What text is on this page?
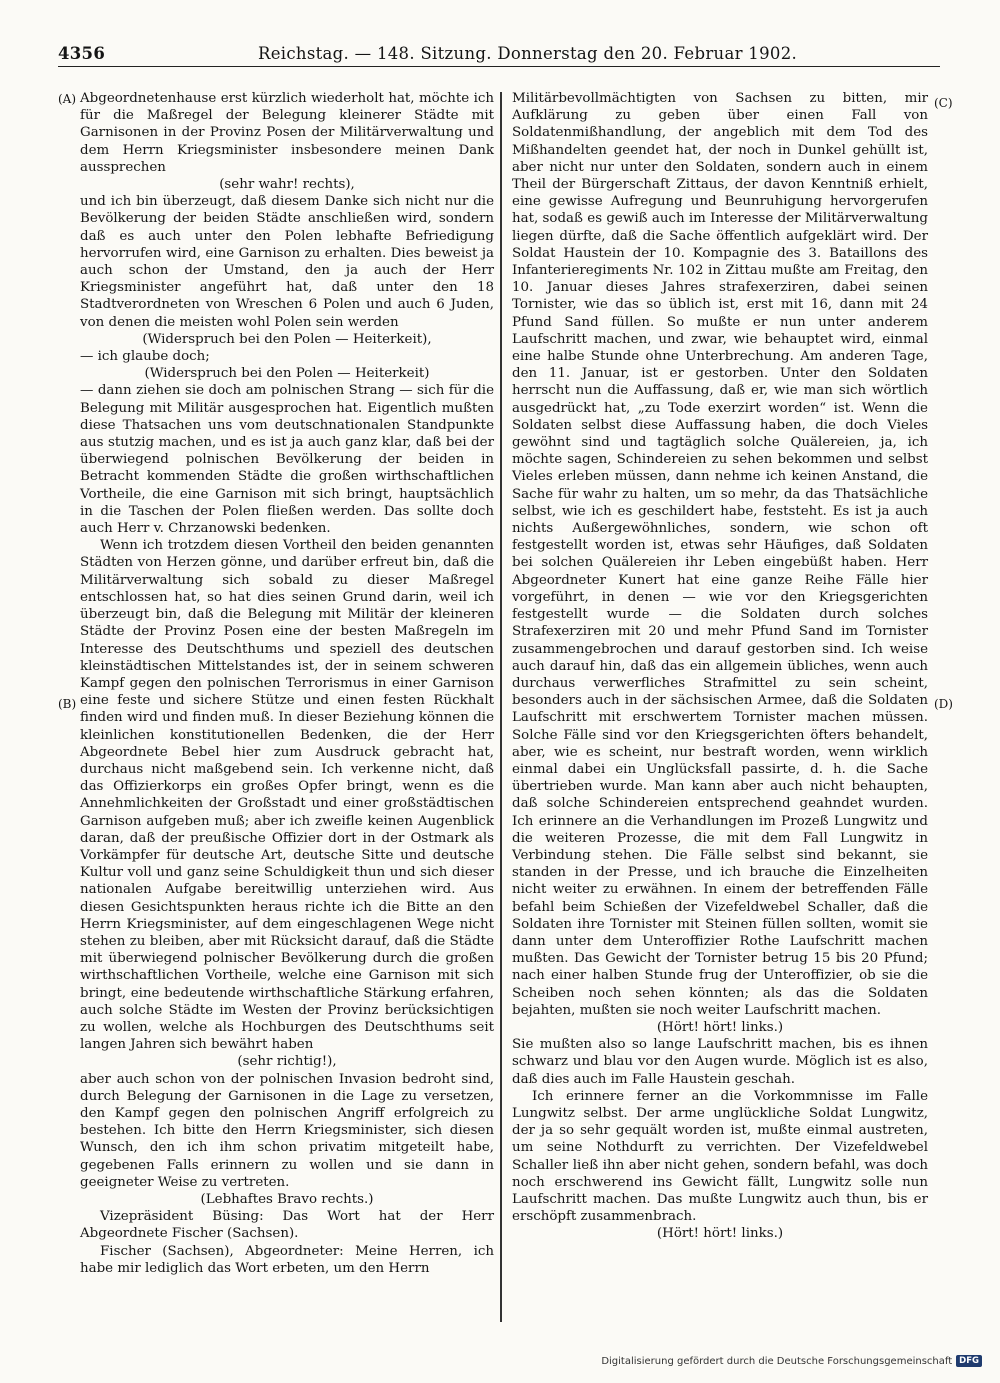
4356	Reichstag. — 148. Sitzung. Donnerstag den 20. Februar 1902.
(A)
(B)
(C)
(D)

Abgeordnetenhause erst kürzlich wiederholt hat, möchte ich für die Maßregel der Belegung kleinerer Städte mit Garnisonen in der Provinz Posen der Militärverwaltung und dem Herrn Kriegsminister insbesondere meinen Dank aussprechen

(sehr wahr! rechts),

und ich bin überzeugt, daß diesem Danke sich nicht nur die Bevölkerung der beiden Städte anschließen wird, sondern daß es auch unter den Polen lebhafte Befriedigung hervorrufen wird, eine Garnison zu erhalten. Dies beweist ja auch schon der Umstand, den ja auch der Herr Kriegsminister angeführt hat, daß unter den 18 Stadtverordneten von Wreschen 6 Polen und auch 6 Juden, von denen die meisten wohl Polen sein werden

(Widerspruch bei den Polen — Heiterkeit),

— ich glaube doch;

(Widerspruch bei den Polen — Heiterkeit)

— dann ziehen sie doch am polnischen Strang — sich für die Belegung mit Militär ausgesprochen hat. Eigentlich mußten diese Thatsachen uns vom deutschnationalen Standpunkte aus stutzig machen, und es ist ja auch ganz klar, daß bei der überwiegend polnischen Bevölkerung der beiden in Betracht kommenden Städte die großen wirthschaftlichen Vortheile, die eine Garnison mit sich bringt, hauptsächlich in die Taschen der Polen fließen werden. Das sollte doch auch Herr v. Chrzanowski bedenken.

Wenn ich trotzdem diesen Vortheil den beiden genannten Städten von Herzen gönne, und darüber erfreut bin, daß die Militärverwaltung sich sobald zu dieser Maßregel entschlossen hat, so hat dies seinen Grund darin, weil ich überzeugt bin, daß die Belegung mit Militär der kleineren Städte der Provinz Posen eine der besten Maßregeln im Interesse des Deutschthums und speziell des deutschen kleinstädtischen Mittelstandes ist, der in seinem schweren Kampf gegen den polnischen Terrorismus in einer Garnison eine feste und sichere Stütze und einen festen Rückhalt finden wird und finden muß. In dieser Beziehung können die kleinlichen konstitutionellen Bedenken, die der Herr Abgeordnete Bebel hier zum Ausdruck gebracht hat, durchaus nicht maßgebend sein. Ich verkenne nicht, daß das Offizierkorps ein großes Opfer bringt, wenn es die Annehmlichkeiten der Großstadt und einer großstädtischen Garnison aufgeben muß; aber ich zweifle keinen Augenblick daran, daß der preußische Offizier dort in der Ostmark als Vorkämpfer für deutsche Art, deutsche Sitte und deutsche Kultur voll und ganz seine Schuldigkeit thun und sich dieser nationalen Aufgabe bereitwillig unterziehen wird. Aus diesen Gesichtspunkten heraus richte ich die Bitte an den Herrn Kriegsminister, auf dem eingeschlagenen Wege nicht stehen zu bleiben, aber mit Rücksicht darauf, daß die Städte mit überwiegend polnischer Bevölkerung durch die großen wirthschaftlichen Vortheile, welche eine Garnison mit sich bringt, eine bedeutende wirthschaftliche Stärkung erfahren, auch solche Städte im Westen der Provinz berücksichtigen zu wollen, welche als Hochburgen des Deutschthums seit langen Jahren sich bewährt haben

(sehr richtig!),

aber auch schon von der polnischen Invasion bedroht sind, durch Belegung der Garnisonen in die Lage zu versetzen, den Kampf gegen den polnischen Angriff erfolgreich zu bestehen. Ich bitte den Herrn Kriegsminister, sich diesen Wunsch, den ich ihm schon privatim mitgeteilt habe, gegebenen Falls erinnern zu wollen und sie dann in geeigneter Weise zu vertreten.

(Lebhaftes Bravo rechts.)

Vizepräsident Büsing: Das Wort hat der Herr Abgeordnete Fischer (Sachsen).

Fischer (Sachsen), Abgeordneter: Meine Herren, ich habe mir lediglich das Wort erbeten, um den Herrn

Militärbevollmächtigten von Sachsen zu bitten, mir Aufklärung zu geben über einen Fall von Soldatenmißhandlung, der angeblich mit dem Tod des Mißhandelten geendet hat, der noch in Dunkel gehüllt ist, aber nicht nur unter den Soldaten, sondern auch in einem Theil der Bürgerschaft Zittaus, der davon Kenntniß erhielt, eine gewisse Aufregung und Beunruhigung hervorgerufen hat, sodaß es gewiß auch im Interesse der Militärverwaltung liegen dürfte, daß die Sache öffentlich aufgeklärt wird. Der Soldat Haustein der 10. Kompagnie des 3. Bataillons des Infanterieregiments Nr. 102 in Zittau mußte am Freitag, den 10. Januar dieses Jahres strafexerziren, dabei seinen Tornister, wie das so üblich ist, erst mit 16, dann mit 24 Pfund Sand füllen. So mußte er nun unter anderem Laufschritt machen, und zwar, wie behauptet wird, einmal eine halbe Stunde ohne Unterbrechung. Am anderen Tage, den 11. Januar, ist er gestorben. Unter den Soldaten herrscht nun die Auffassung, daß er, wie man sich wörtlich ausgedrückt hat, „zu Tode exerzirt worden“ ist. Wenn die Soldaten selbst diese Auffassung haben, die doch Vieles gewöhnt sind und tagtäglich solche Quälereien, ja, ich möchte sagen, Schindereien zu sehen bekommen und selbst Vieles erleben müssen, dann nehme ich keinen Anstand, die Sache für wahr zu halten, um so mehr, da das Thatsächliche selbst, wie ich es geschildert habe, feststeht. Es ist ja auch nichts Außergewöhnliches, sondern, wie schon oft festgestellt worden ist, etwas sehr Häufiges, daß Soldaten bei solchen Quälereien ihr Leben eingebüßt haben. Herr Abgeordneter Kunert hat eine ganze Reihe Fälle hier vorgeführt, in denen — wie vor den Kriegsgerichten festgestellt wurde — die Soldaten durch solches Strafexerziren mit 20 und mehr Pfund Sand im Tornister zusammengebrochen und darauf gestorben sind. Ich weise auch darauf hin, daß das ein allgemein übliches, wenn auch durchaus verwerfliches Strafmittel zu sein scheint, besonders auch in der sächsischen Armee, daß die Soldaten Laufschritt mit erschwertem Tornister machen müssen. Solche Fälle sind vor den Kriegsgerichten öfters behandelt, aber, wie es scheint, nur bestraft worden, wenn wirklich einmal dabei ein Unglücksfall passirte, d. h. die Sache übertrieben wurde. Man kann aber auch nicht behaupten, daß solche Schindereien entsprechend geahndet wurden. Ich erinnere an die Verhandlungen im Prozeß Lungwitz und die weiteren Prozesse, die mit dem Fall Lungwitz in Verbindung stehen. Die Fälle selbst sind bekannt, sie standen in der Presse, und ich brauche die Einzelheiten nicht weiter zu erwähnen. In einem der betreffenden Fälle befahl beim Schießen der Vizefeldwebel Schaller, daß die Soldaten ihre Tornister mit Steinen füllen sollten, womit sie dann unter dem Unteroffizier Rothe Laufschritt machen mußten. Das Gewicht der Tornister betrug 15 bis 20 Pfund; nach einer halben Stunde frug der Unteroffizier, ob sie die Scheiben noch sehen könnten; als das die Soldaten bejahten, mußten sie noch weiter Laufschritt machen.

(Hört! hört! links.)

Sie mußten also so lange Laufschritt machen, bis es ihnen schwarz und blau vor den Augen wurde. Möglich ist es also, daß dies auch im Falle Haustein geschah.

Ich erinnere ferner an die Vorkommnisse im Falle Lungwitz selbst. Der arme unglückliche Soldat Lungwitz, der ja so sehr gequält worden ist, mußte einmal austreten, um seine Nothdurft zu verrichten. Der Vizefeldwebel Schaller ließ ihn aber nicht gehen, sondern befahl, was doch noch erschwerend ins Gewicht fällt, Lungwitz solle nun Laufschritt machen. Das mußte Lungwitz auch thun, bis er erschöpft zusammenbrach.

(Hört! hört! links.)

Digitalisierung gefördert durch die Deutsche Forschungsgemeinschaft DFG
